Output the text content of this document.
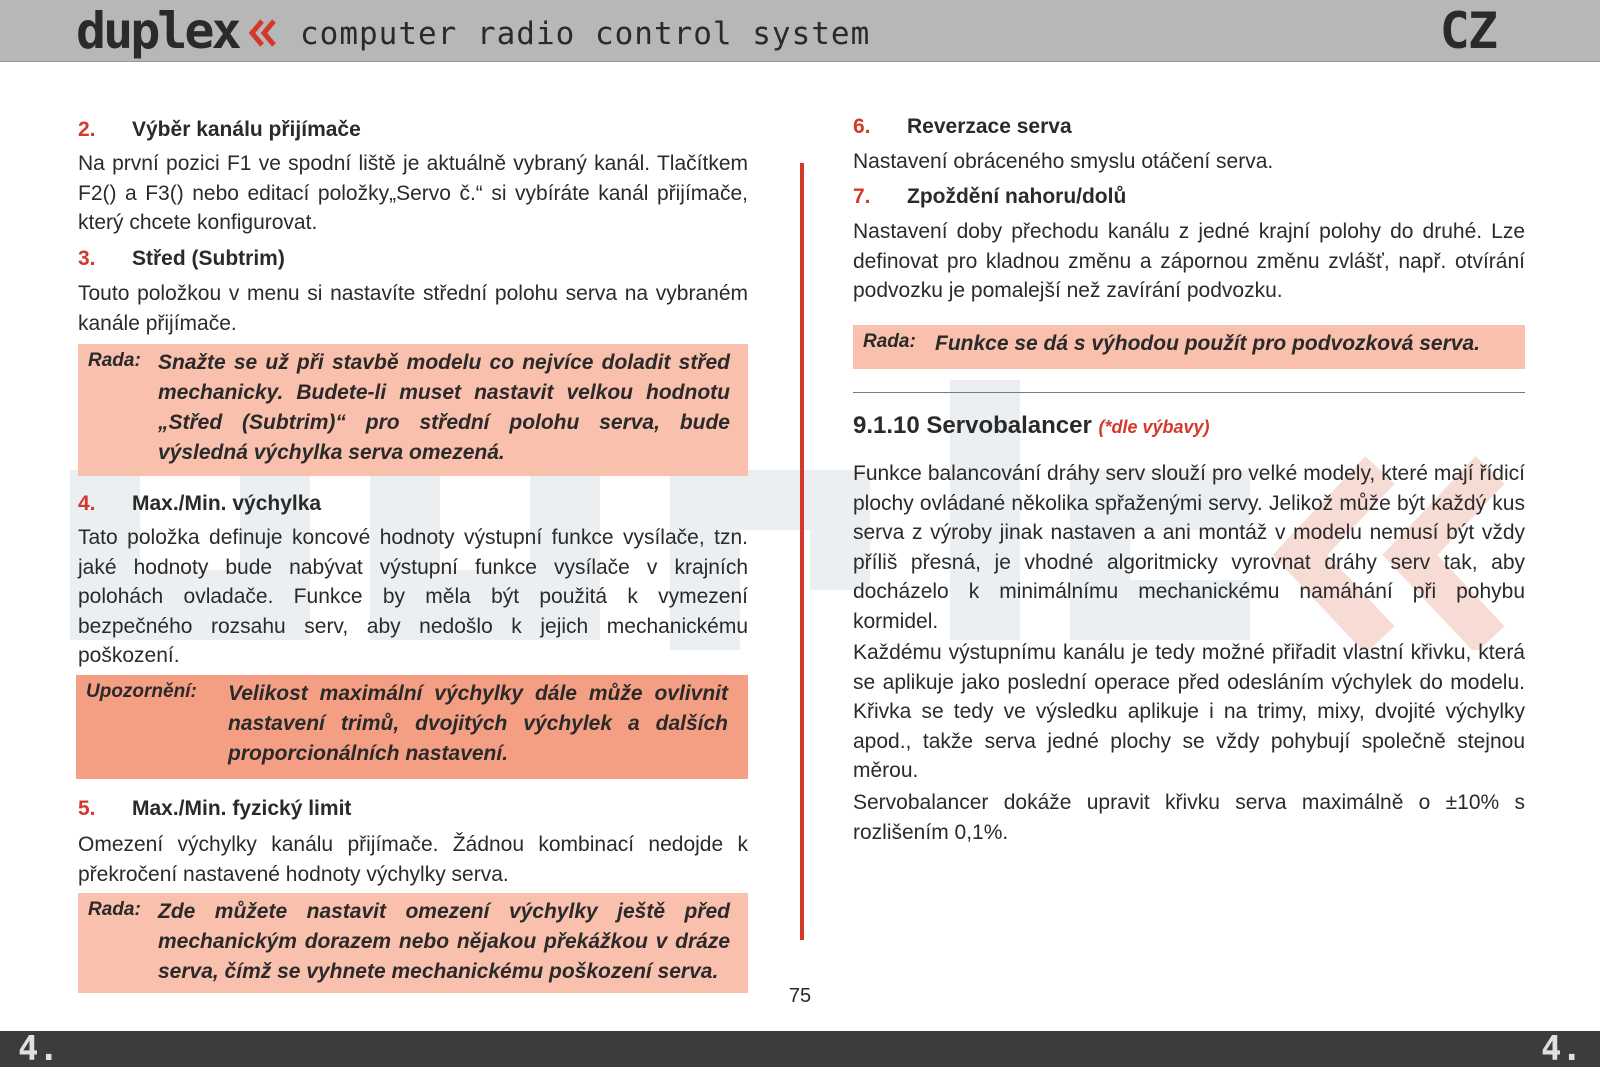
duplex computer radio control system	CZ
2. Výběr kanálu přijímače

Na první pozici F1 ve spodní liště je aktuálně vybraný kanál. Tlačítkem F2() a F3() nebo editací položky„Servo č.“ si vybíráte kanál přijímače, který chcete konfigurovat.

3. Střed (Subtrim)

Touto položkou v menu si nastavíte střední polohu serva na vybraném kanále přijímače.

Rada: Snažte se už při stavbě modelu co nejvíce doladit střed mechanicky. Budete-li muset nastavit velkou hodnotu „Střed (Subtrim)“ pro střední polohu serva, bude výsledná výchylka serva omezená.

4. Max./Min. výchylka

Tato položka definuje koncové hodnoty výstupní funkce vysílače, tzn. jaké hodnoty bude nabývat výstupní funkce vysílače v krajních polohách ovladače. Funkce by měla být použitá k vymezení bezpečného rozsahu serv, aby nedošlo k jejich mechanickému poškození.

Upozornění: Velikost maximální výchylky dále může ovlivnit nastavení trimů, dvojitých výchylek a dalších proporcionálních nastavení.

5. Max./Min. fyzický limit

Omezení výchylky kanálu přijímače. Žádnou kombinací nedojde k překročení nastavené hodnoty výchylky serva.

Rada: Zde můžete nastavit omezení výchylky ještě před mechanickým dorazem nebo nějakou překážkou v dráze serva, čímž se vyhnete mechanickému poškození serva.

6. Reverzace serva

Nastavení obráceného smyslu otáčení serva.

7. Zpoždění nahoru/dolů

Nastavení doby přechodu kanálu z jedné krajní polohy do druhé. Lze definovat pro kladnou změnu a zápornou změnu zvlášť, např. otvírání podvozku je pomalejší než zavírání podvozku.

Rada: Funkce se dá s výhodou použít pro podvozková serva.

9.1.10 Servobalancer (*dle výbavy)

Funkce balancování dráhy serv slouží pro velké modely, které mají řídicí plochy ovládané několika spřaženými servy. Jelikož může být každý kus serva z výroby jinak nastaven a ani montáž v modelu nemusí být vždy příliš přesná, je vhodné algoritmicky vyrovnat dráhy serv tak, aby docházelo k minimálnímu mechanickému namáhání při pohybu kormidel.

Každému výstupnímu kanálu je tedy možné přiřadit vlastní křivku, která se aplikuje jako poslední operace před odesláním výchylek do modelu. Křivka se tedy ve výsledku aplikuje i na trimy, mixy, dvojité výchylky apod., takže serva jedné plochy se vždy pohybují společně stejnou měrou.

Servobalancer dokáže upravit křivku serva maximálně o ±10% s rozlišením 0,1%.

75
4.	4.
